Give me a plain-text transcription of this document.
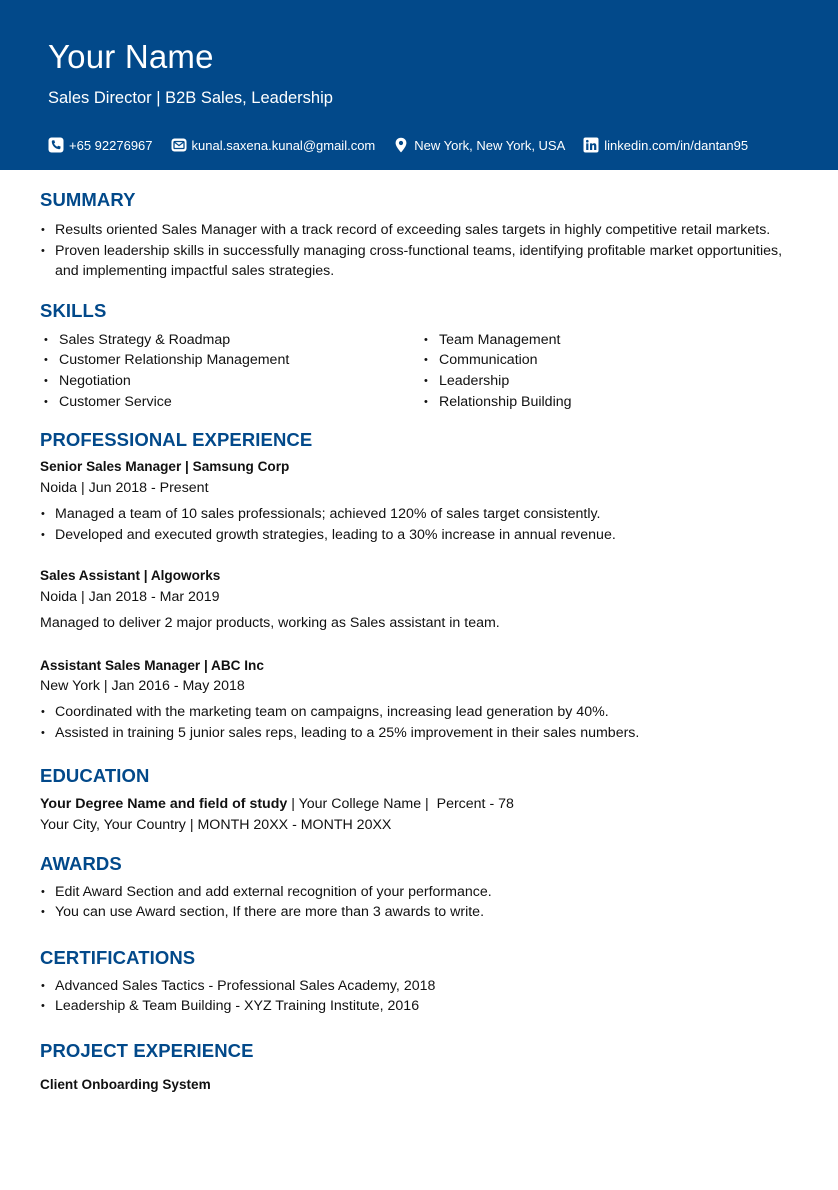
Your Name
Sales Director | B2B Sales, Leadership
+65 92276967	kunal.saxena.kunal@gmail.com	New York, New York, USA	linkedin.com/in/dantan95
SUMMARY
• Results oriented Sales Manager with a track record of exceeding sales targets in highly competitive retail markets.
• Proven leadership skills in successfully managing cross-functional teams, identifying profitable market opportunities, and implementing impactful sales strategies.
SKILLS
• Sales Strategy & Roadmap
• Customer Relationship Management
• Negotiation
• Customer Service
• Team Management
• Communication
• Leadership
• Relationship Building
PROFESSIONAL EXPERIENCE
Senior Sales Manager | Samsung Corp
Noida | Jun 2018 - Present
• Managed a team of 10 sales professionals; achieved 120% of sales target consistently.
• Developed and executed growth strategies, leading to a 30% increase in annual revenue.
Sales Assistant | Algoworks
Noida | Jan 2018 - Mar 2019
Managed to deliver 2 major products, working as Sales assistant in team.
Assistant Sales Manager | ABC Inc
New York | Jan 2016 - May 2018
• Coordinated with the marketing team on campaigns, increasing lead generation by 40%.
• Assisted in training 5 junior sales reps, leading to a 25% improvement in their sales numbers.
EDUCATION
Your Degree Name and field of study | Your College Name |  Percent - 78
Your City, Your Country | MONTH 20XX - MONTH 20XX
AWARDS
• Edit Award Section and add external recognition of your performance.
• You can use Award section, If there are more than 3 awards to write.
CERTIFICATIONS
• Advanced Sales Tactics - Professional Sales Academy, 2018
• Leadership & Team Building - XYZ Training Institute, 2016
PROJECT EXPERIENCE
Client Onboarding System
